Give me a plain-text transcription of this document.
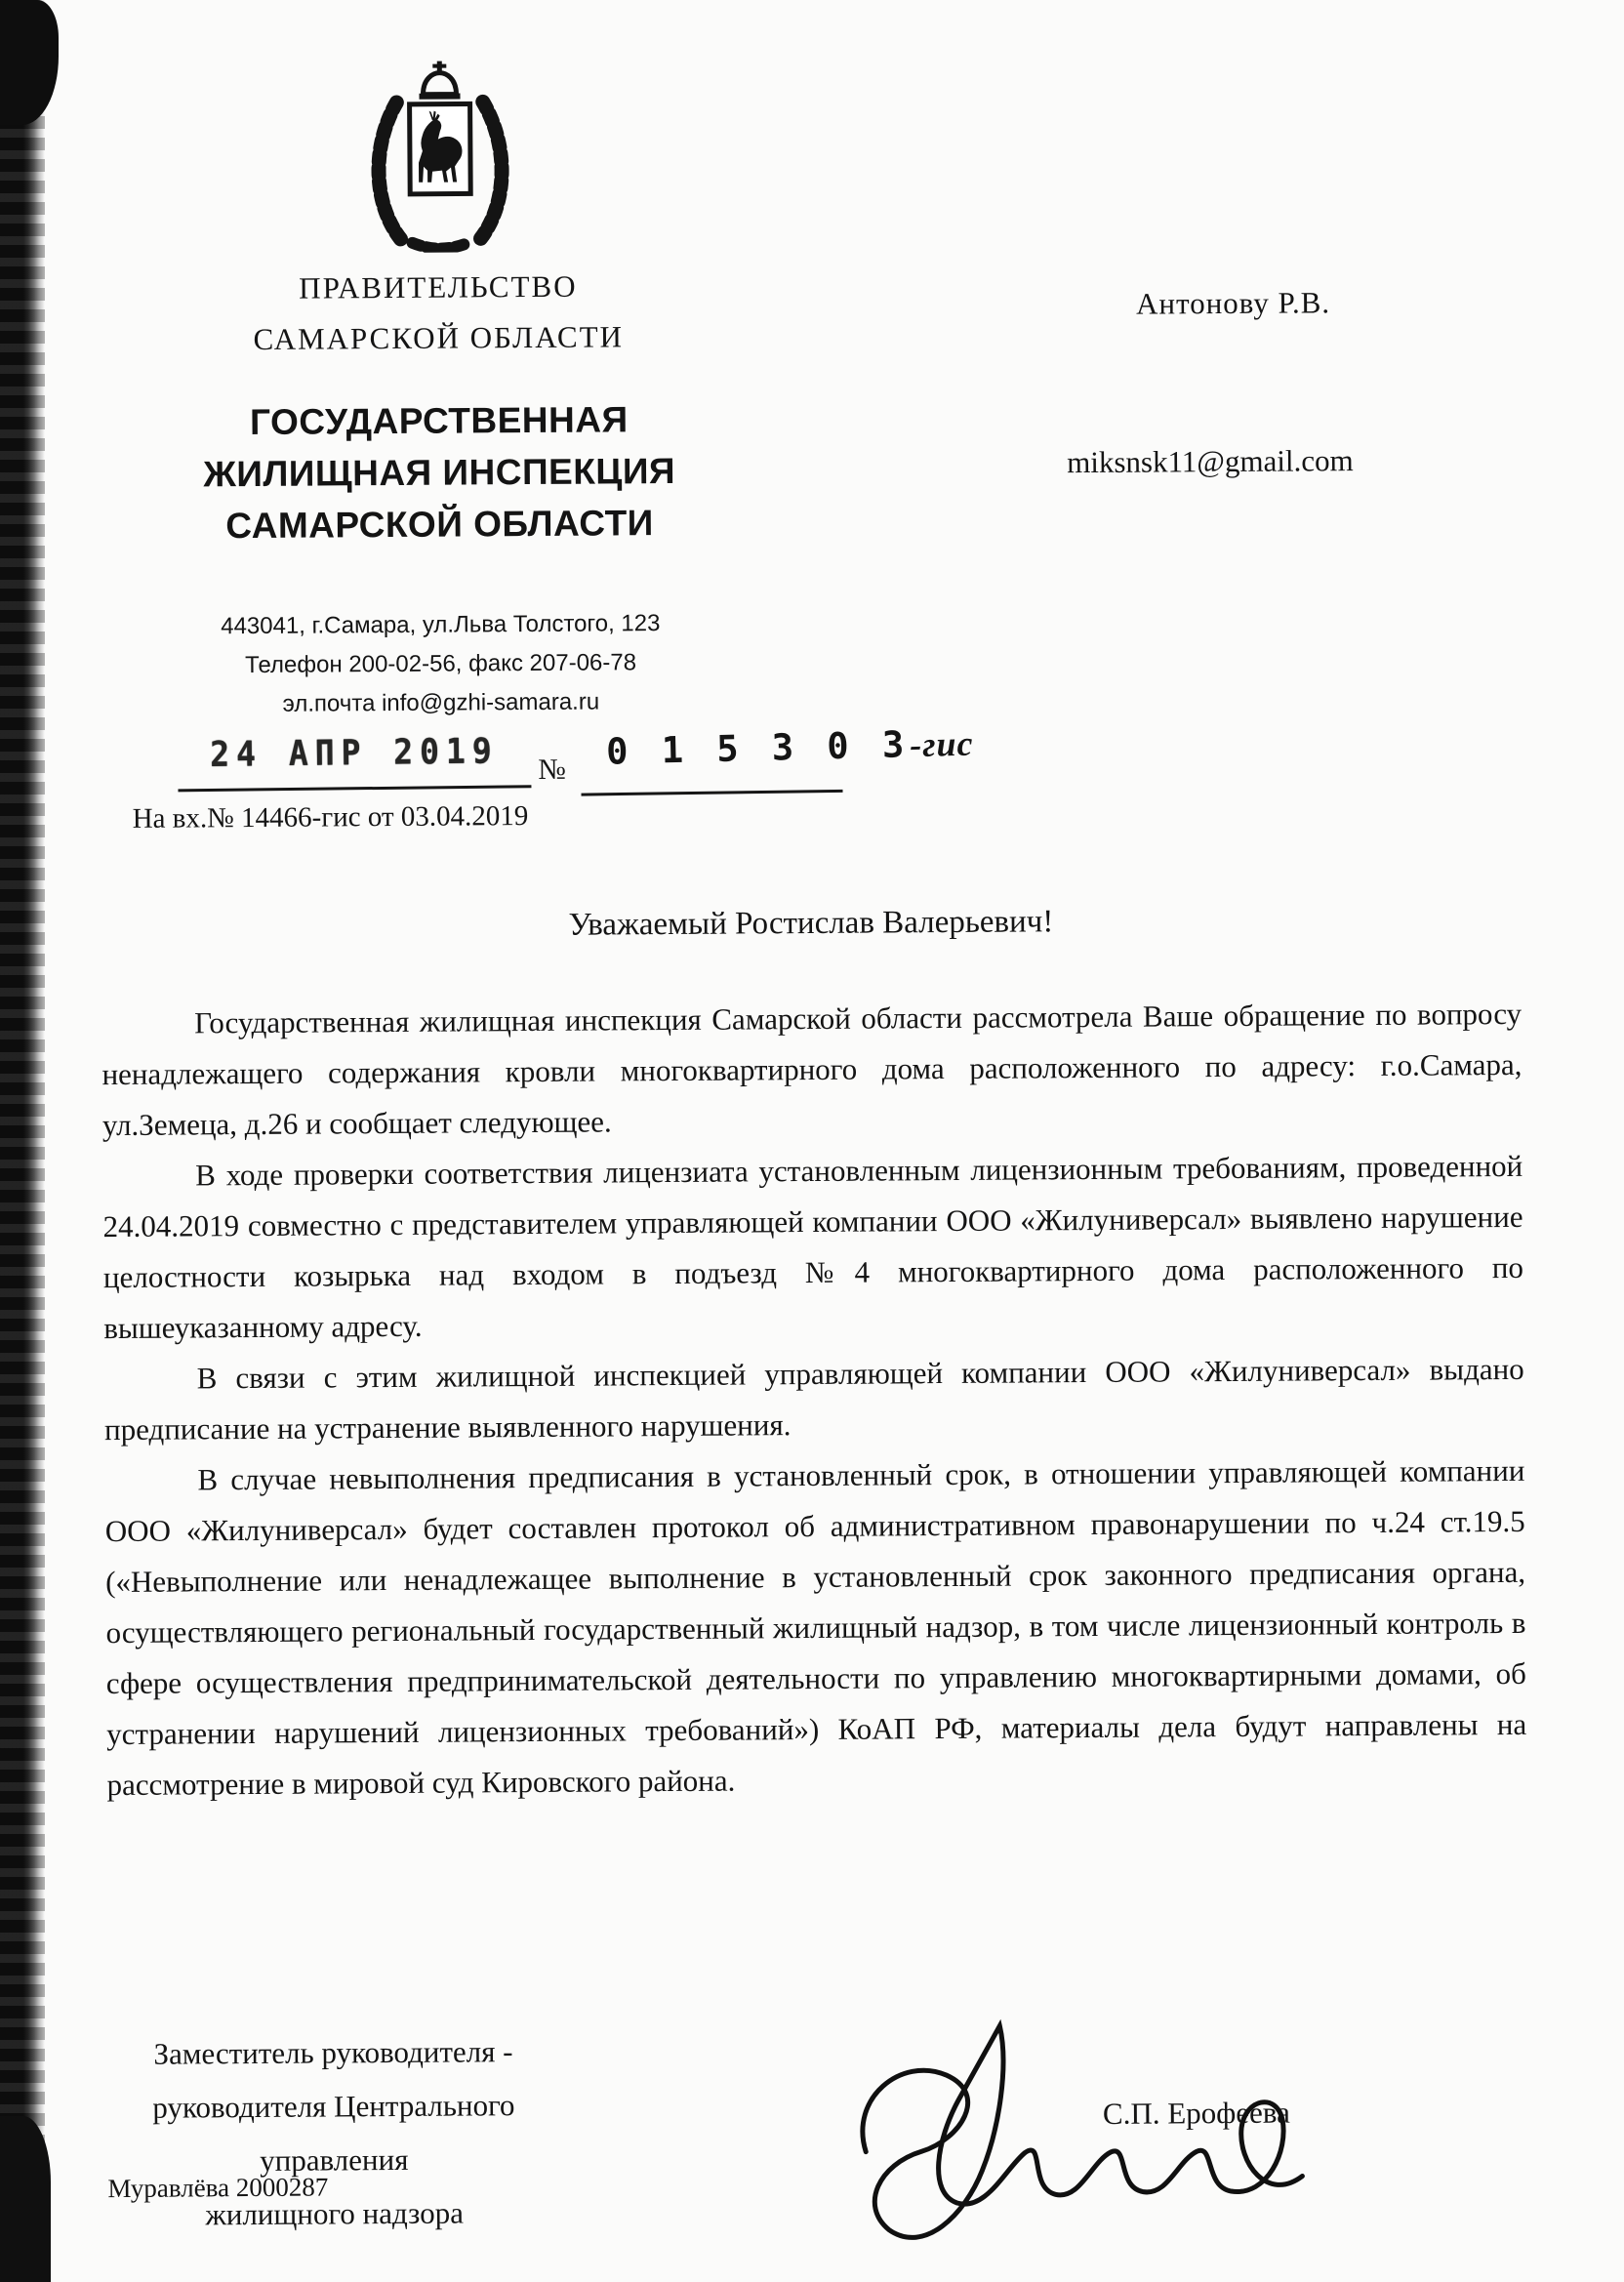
ПРАВИТЕЛЬСТВО
САМАРСКОЙ ОБЛАСТИ
ГОСУДАРСТВЕННАЯ
ЖИЛИЩНАЯ ИНСПЕКЦИЯ
САМАРСКОЙ ОБЛАСТИ
443041, г.Самара, ул.Льва Толстого, 123
Телефон 200-02-56, факс 207-06-78
эл.почта info@gzhi-samara.ru
24 АПР 2019 № 0 1 5 3 0 3-гис
На вх.№ 14466-гис от 03.04.2019
Антонову Р.В.
miksnsk11@gmail.com
Уважаемый Ростислав Валерьевич!

Государственная жилищная инспекция Самарской области рассмотрела Ваше обращение по вопросу ненадлежащего содержания кровли многоквартирного дома расположенного по адресу: г.о.Самара, ул.Земеца, д.26 и сообщает следующее.

В ходе проверки соответствия лицензиата установленным лицензионным требованиям, проведенной 24.04.2019 совместно с представителем управляющей компании ООО «Жилуниверсал» выявлено нарушение целостности козырька над входом в подъезд №4 многоквартирного дома расположенного по вышеуказанному адресу.

В связи с этим жилищной инспекцией управляющей компании ООО «Жилуниверсал» выдано предписание на устранение выявленного нарушения.

В случае невыполнения предписания в установленный срок, в отношении управляющей компании ООО «Жилуниверсал» будет составлен протокол об административном правонарушении по ч.24 ст.19.5 («Невыполнение или ненадлежащее выполнение в установленный срок законного предписания органа, осуществляющего региональный государственный жилищный надзор, в том числе лицензионный контроль в сфере осуществления предпринимательской деятельности по управлению многоквартирными домами, об устранении нарушений лицензионных требований») КоАП РФ, материалы дела будут направлены на рассмотрение в мировой суд Кировского района.

Заместитель руководителя -
руководителя Центрального управления
жилищного надзора
С.П. Ерофеева
Муравлёва 2000287
